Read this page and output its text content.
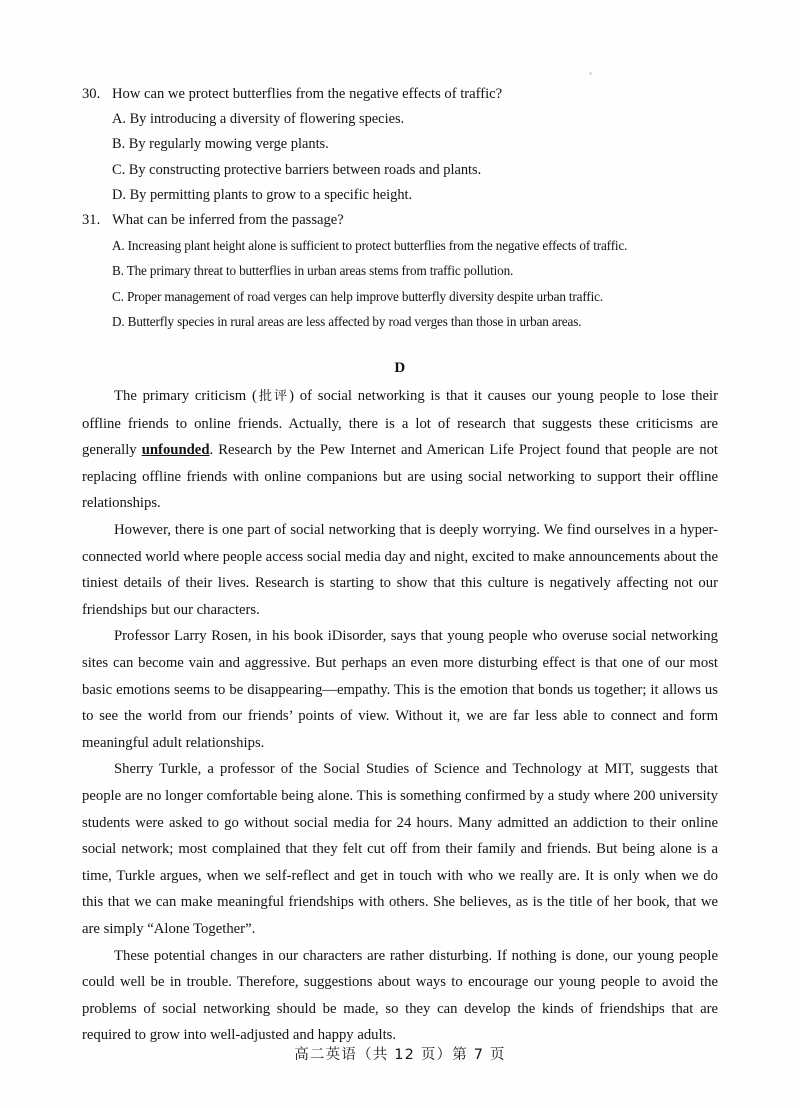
30. How can we protect butterflies from the negative effects of traffic?
A. By introducing a diversity of flowering species.
B. By regularly mowing verge plants.
C. By constructing protective barriers between roads and plants.
D. By permitting plants to grow to a specific height.
31. What can be inferred from the passage?
A. Increasing plant height alone is sufficient to protect butterflies from the negative effects of traffic.
B. The primary threat to butterflies in urban areas stems from traffic pollution.
C. Proper management of road verges can help improve butterfly diversity despite urban traffic.
D. Butterfly species in rural areas are less affected by road verges than those in urban areas.
D

The primary criticism (批评) of social networking is that it causes our young people to lose their offline friends to online friends. Actually, there is a lot of research that suggests these criticisms are generally unfounded. Research by the Pew Internet and American Life Project found that people are not replacing offline friends with online companions but are using social networking to support their offline relationships.

However, there is one part of social networking that is deeply worrying. We find ourselves in a hyper-connected world where people access social media day and night, excited to make announcements about the tiniest details of their lives. Research is starting to show that this culture is negatively affecting not our friendships but our characters.

Professor Larry Rosen, in his book iDisorder, says that young people who overuse social networking sites can become vain and aggressive. But perhaps an even more disturbing effect is that one of our most basic emotions seems to be disappearing—empathy. This is the emotion that bonds us together; it allows us to see the world from our friends’ points of view. Without it, we are far less able to connect and form meaningful adult relationships.

Sherry Turkle, a professor of the Social Studies of Science and Technology at MIT, suggests that people are no longer comfortable being alone. This is something confirmed by a study where 200 university students were asked to go without social media for 24 hours. Many admitted an addiction to their online social network; most complained that they felt cut off from their family and friends. But being alone is a time, Turkle argues, when we self-reflect and get in touch with who we really are. It is only when we do this that we can make meaningful friendships with others. She believes, as is the title of her book, that we are simply “Alone Together”.

These potential changes in our characters are rather disturbing. If nothing is done, our young people could well be in trouble. Therefore, suggestions about ways to encourage our young people to avoid the problems of social networking should be made, so they can develop the kinds of friendships that are required to grow into well-adjusted and happy adults.

高二英语（共 12 页）第 7 页
